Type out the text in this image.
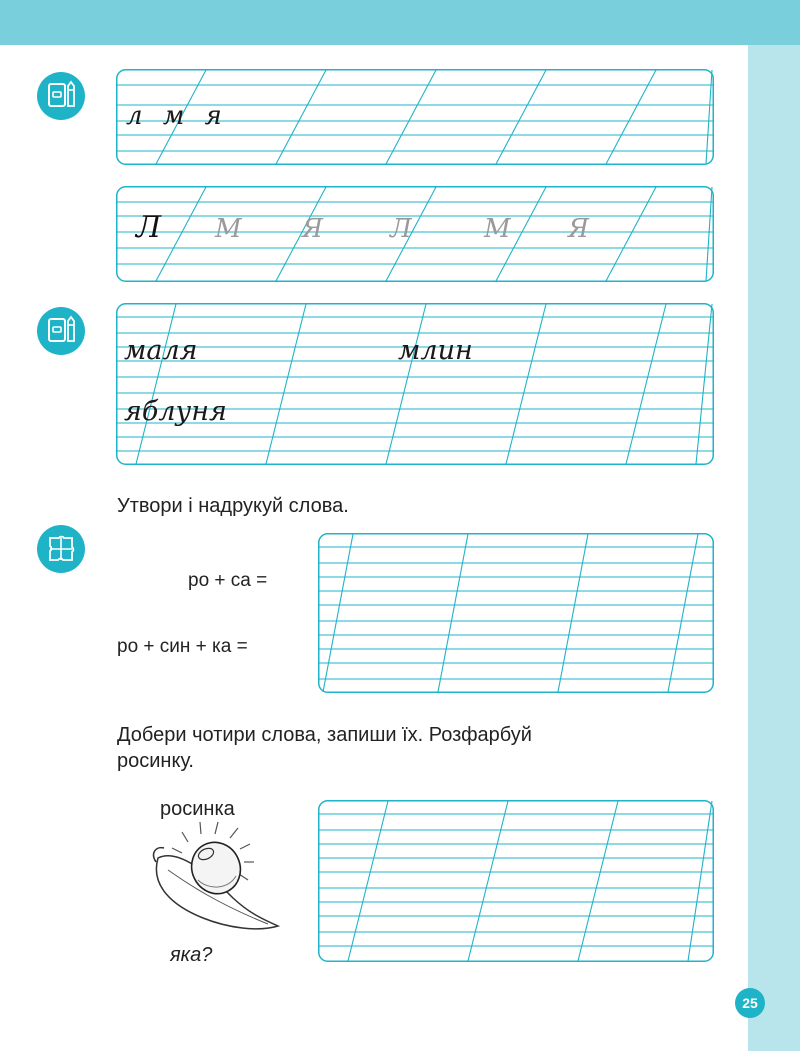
л м я
Л М Я	Л	М Я
маля	млин
яблуня
Утвори і надрукуй слова.
ро + са =
ро + син + ка =
Добери чотири слова, запиши їх. Розфарбуй
росинку.
росинка
яка?
25
